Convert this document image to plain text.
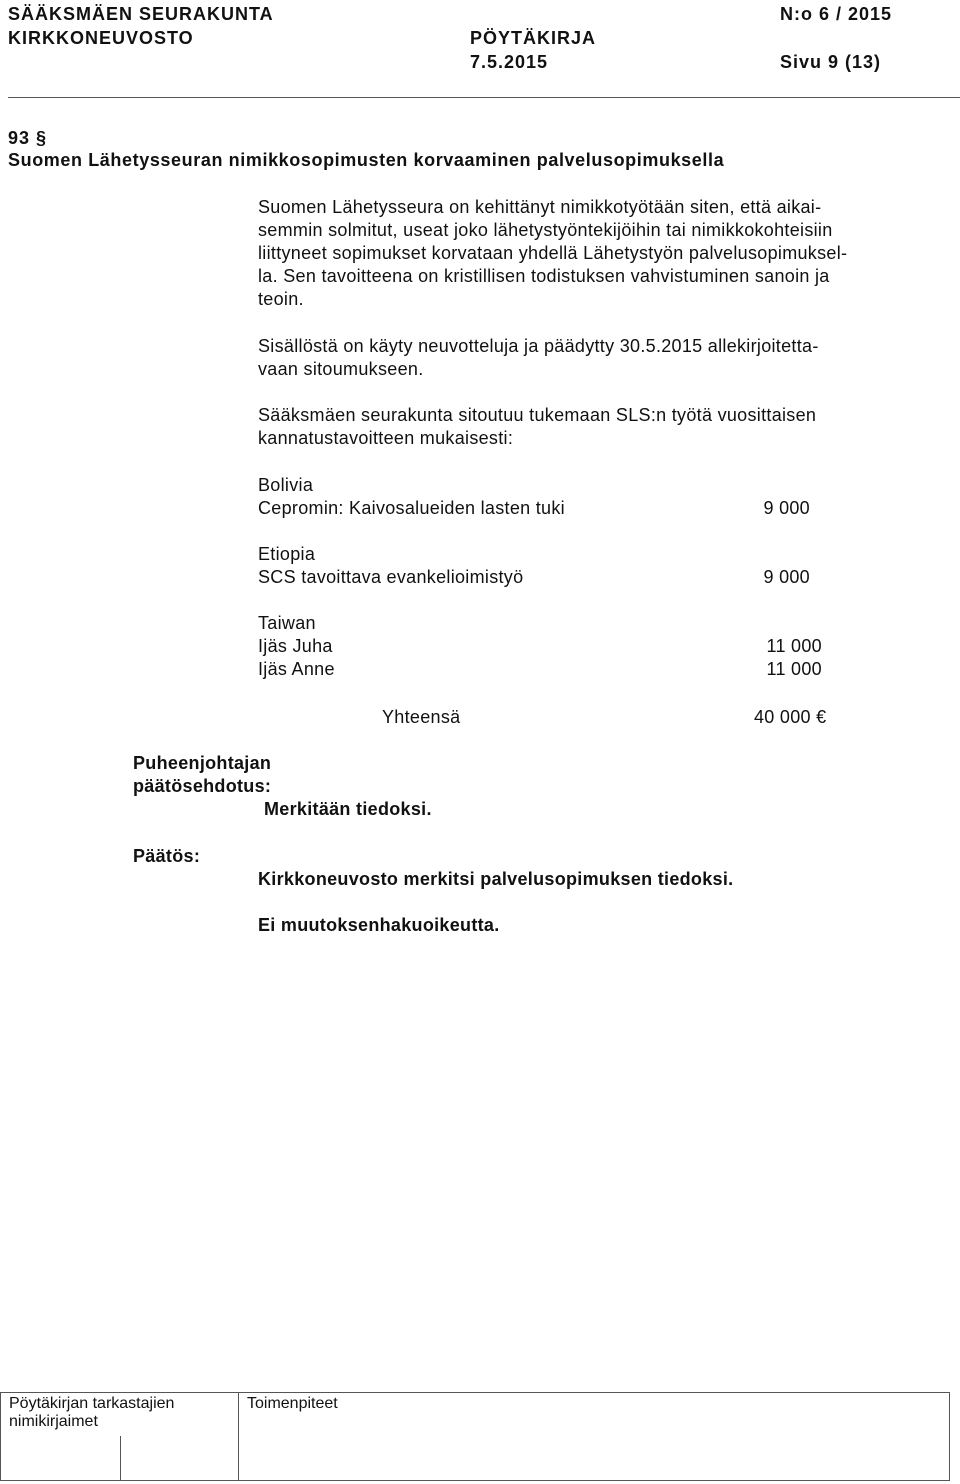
SÄÄKSMÄEN SEURAKUNTA	N:o 6 / 2015
KIRKKONEUVOSTO	PÖYTÄKIRJA
7.5.2015	Sivu 9 (13)
93 §
Suomen Lähetysseuran nimikkosopimusten korvaaminen palvelusopimuksella
Suomen Lähetysseura on kehittänyt nimikkotyötään siten, että aikai-
semmin solmitut, useat joko lähetystyöntekijöihin tai nimikkokohteisiin
liittyneet sopimukset korvataan yhdellä Lähetystyön palvelusopimuksel-
la. Sen tavoitteena on kristillisen todistuksen vahvistuminen sanoin ja
teoin.
Sisällöstä on käyty neuvotteluja ja päädytty 30.5.2015 allekirjoitetta-
vaan sitoumukseen.
Sääksmäen seurakunta sitoutuu tukemaan SLS:n työtä vuosittaisen
kannatustavoitteen mukaisesti:
Bolivia
Cepromin: Kaivosalueiden lasten tuki	9 000
Etiopia
SCS tavoittava evankelioimistyö	9 000
Taiwan
Ijäs Juha	11 000
Ijäs Anne	11 000
Yhteensä	40 000 €
Puheenjohtajan
päätösehdotus:
Merkitään tiedoksi.
Päätös:
Kirkkoneuvosto merkitsi palvelusopimuksen tiedoksi.
Ei muutoksenhakuoikeutta.
Pöytäkirjan tarkastajien
nimikirjaimet

Toimenpiteet
